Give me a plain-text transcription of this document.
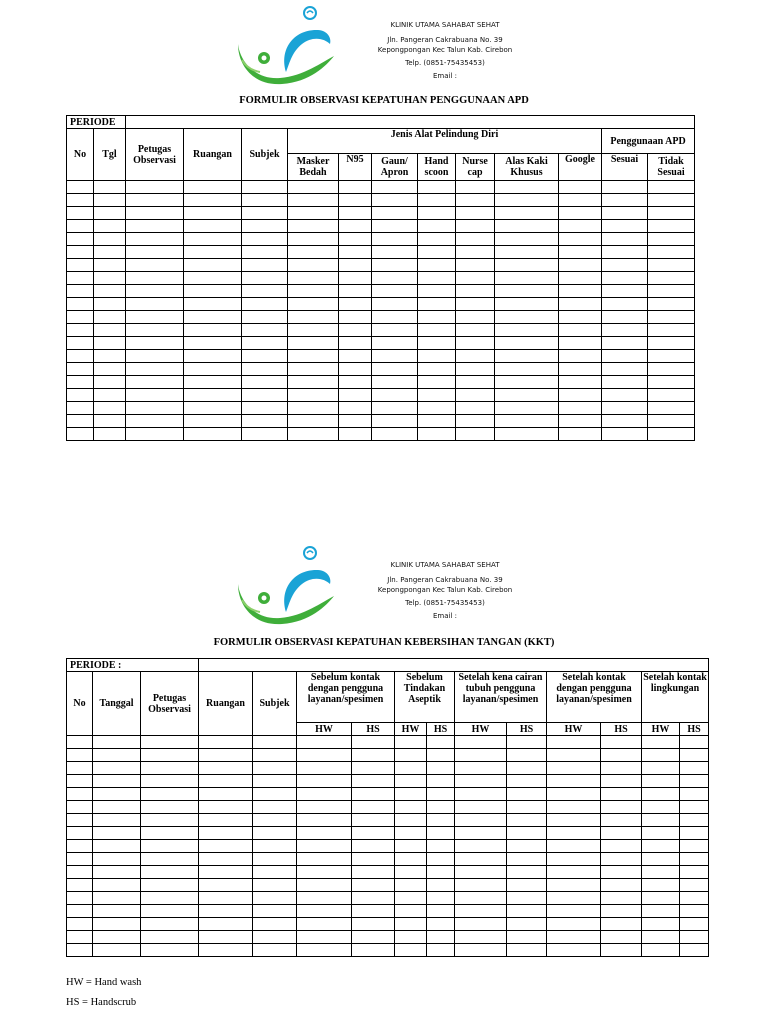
KLINIK UTAMA SAHABAT SEHAT
Jln. Pangeran Cakrabuana No. 39
Kepongpongan Kec Talun Kab. Cirebon
Telp. (0851-75435453)
Email :
FORMULIR OBSERVASI KEPATUHAN PENGGUNAAN APD
PERIODE													
No	Tgl	Petugas Observasi	Ruangan	Subjek	Jenis Alat Pelindung Diri							Penggunaan APD	
					Masker Bedah	N95	Gaun/ Apron	Hand scoon	Nurse cap	Alas Kaki Khusus	Google	Sesuai	Tidak Sesuai

KLINIK UTAMA SAHABAT SEHAT
Jln. Pangeran Cakrabuana No. 39
Kepongpongan Kec Talun Kab. Cirebon
Telp. (0851-75435453)
Email :
FORMULIR OBSERVASI KEPATUHAN KEBERSIHAN TANGAN (KKT)
PERIODE :														
No	Tanggal	Petugas Observasi	Ruangan	Subjek	Sebelum kontak dengan pengguna layanan/spesimen		Sebelum Tindakan Aseptik		Setelah kena cairan tubuh pengguna layanan/spesimen		Setelah kontak dengan pengguna layanan/spesimen		Setelah kontak lingkungan	
					HW	HS	HW	HS	HW	HS	HW	HS	HW	HS

HW = Hand wash
HS = Handscrub
